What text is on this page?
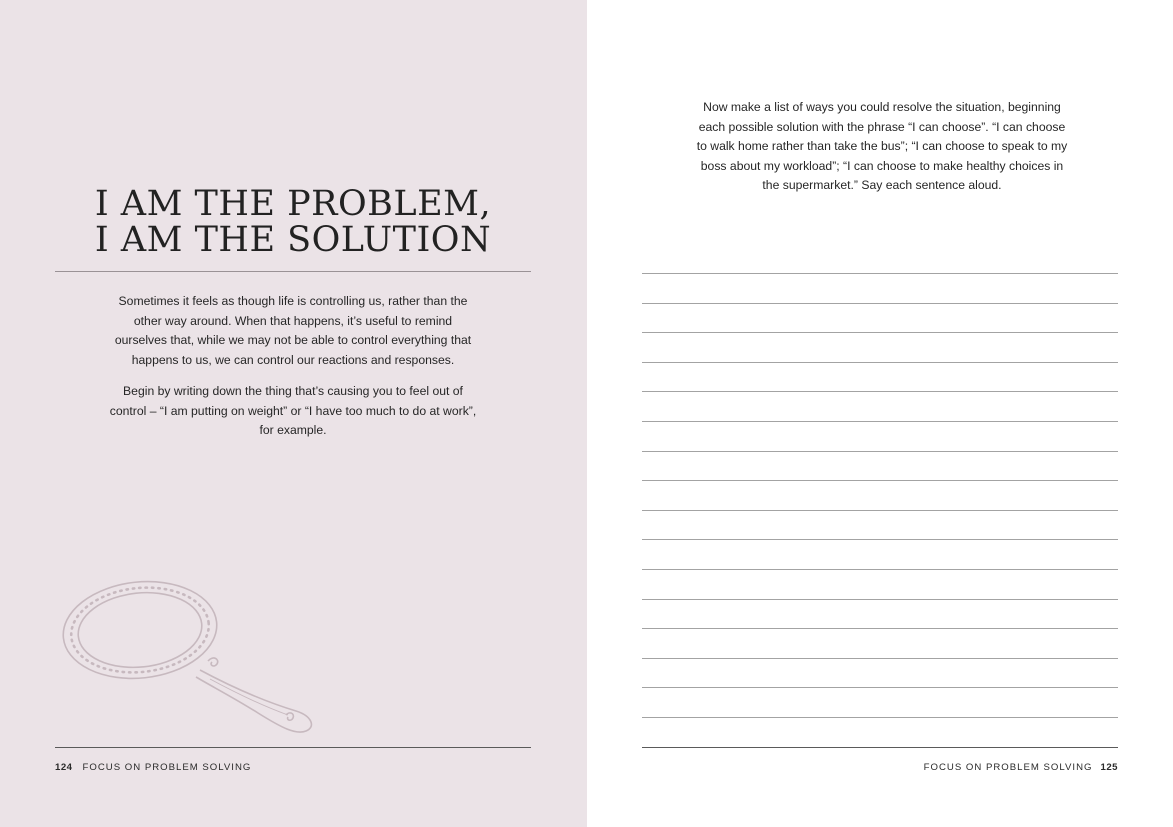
I AM THE PROBLEM,
I AM THE SOLUTION

Sometimes it feels as though life is controlling us, rather than the other way around. When that happens, it’s useful to remind ourselves that, while we may not be able to control everything that happens to us, we can control our reactions and responses.

Begin by writing down the thing that’s causing you to feel out of control – “I am putting on weight” or “I have too much to do at work”, for example.

124 FOCUS ON PROBLEM SOLVING

Now make a list of ways you could resolve the situation, beginning each possible solution with the phrase “I can choose”. “I can choose to walk home rather than take the bus”; “I can choose to speak to my boss about my workload”; “I can choose to make healthy choices in the supermarket.” Say each sentence aloud.

FOCUS ON PROBLEM SOLVING 125
